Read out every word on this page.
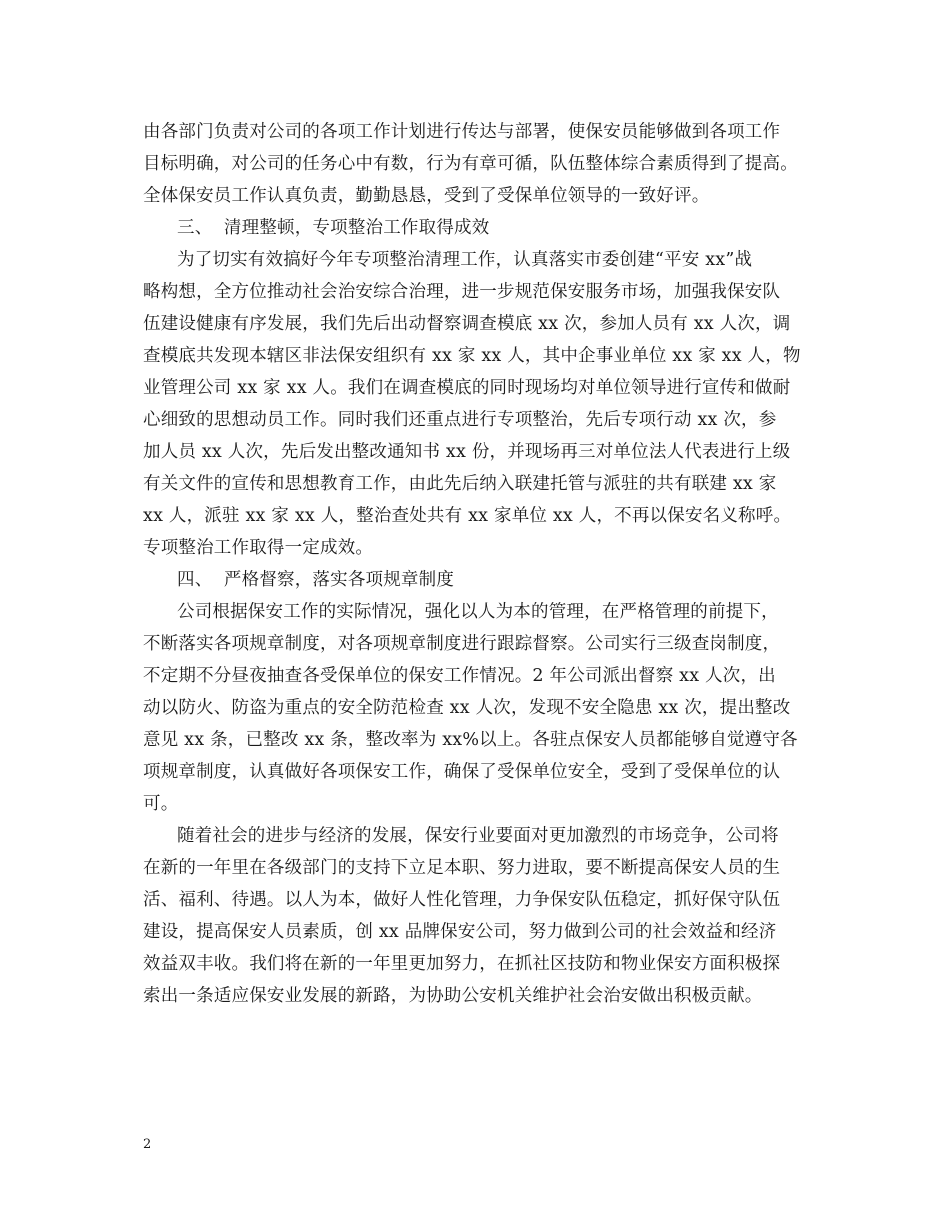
由各部门负责对公司的各项工作计划进行传达与部署，使保安员能够做到各项工作
目标明确，对公司的任务心中有数，行为有章可循，队伍整体综合素质得到了提高。
全体保安员工作认真负责，勤勤恳恳，受到了受保单位领导的一致好评。
三、  清理整顿，专项整治工作取得成效
为了切实有效搞好今年专项整治清理工作，认真落实市委创建“平安 xx”战
略构想，全方位推动社会治安综合治理，进一步规范保安服务市场，加强我保安队
伍建设健康有序发展，我们先后出动督察调查模底 xx 次，参加人员有 xx 人次，调
查模底共发现本辖区非法保安组织有 xx 家 xx 人，其中企事业单位 xx 家 xx 人，物
业管理公司 xx 家 xx 人。我们在调查模底的同时现场均对单位领导进行宣传和做耐
心细致的思想动员工作。同时我们还重点进行专项整治，先后专项行动 xx 次，参
加人员 xx 人次，先后发出整改通知书 xx 份，并现场再三对单位法人代表进行上级
有关文件的宣传和思想教育工作，由此先后纳入联建托管与派驻的共有联建 xx 家
xx 人，派驻 xx 家 xx 人，整治查处共有 xx 家单位 xx 人，不再以保安名义称呼。
专项整治工作取得一定成效。
四、  严格督察，落实各项规章制度
公司根据保安工作的实际情况，强化以人为本的管理，在严格管理的前提下，
不断落实各项规章制度，对各项规章制度进行跟踪督察。公司实行三级查岗制度，
不定期不分昼夜抽查各受保单位的保安工作情况。2 年公司派出督察 xx 人次，出
动以防火、防盗为重点的安全防范检查 xx 人次，发现不安全隐患 xx 次，提出整改
意见 xx 条，已整改 xx 条，整改率为 xx%以上。各驻点保安人员都能够自觉遵守各
项规章制度，认真做好各项保安工作，确保了受保单位安全，受到了受保单位的认
可。
随着社会的进步与经济的发展，保安行业要面对更加激烈的市场竞争，公司将
在新的一年里在各级部门的支持下立足本职、努力进取，要不断提高保安人员的生
活、福利、待遇。以人为本，做好人性化管理，力争保安队伍稳定，抓好保守队伍
建设，提高保安人员素质，创 xx 品牌保安公司，努力做到公司的社会效益和经济
效益双丰收。我们将在新的一年里更加努力，在抓社区技防和物业保安方面积极探
索出一条适应保安业发展的新路，为协助公安机关维护社会治安做出积极贡献。
2
